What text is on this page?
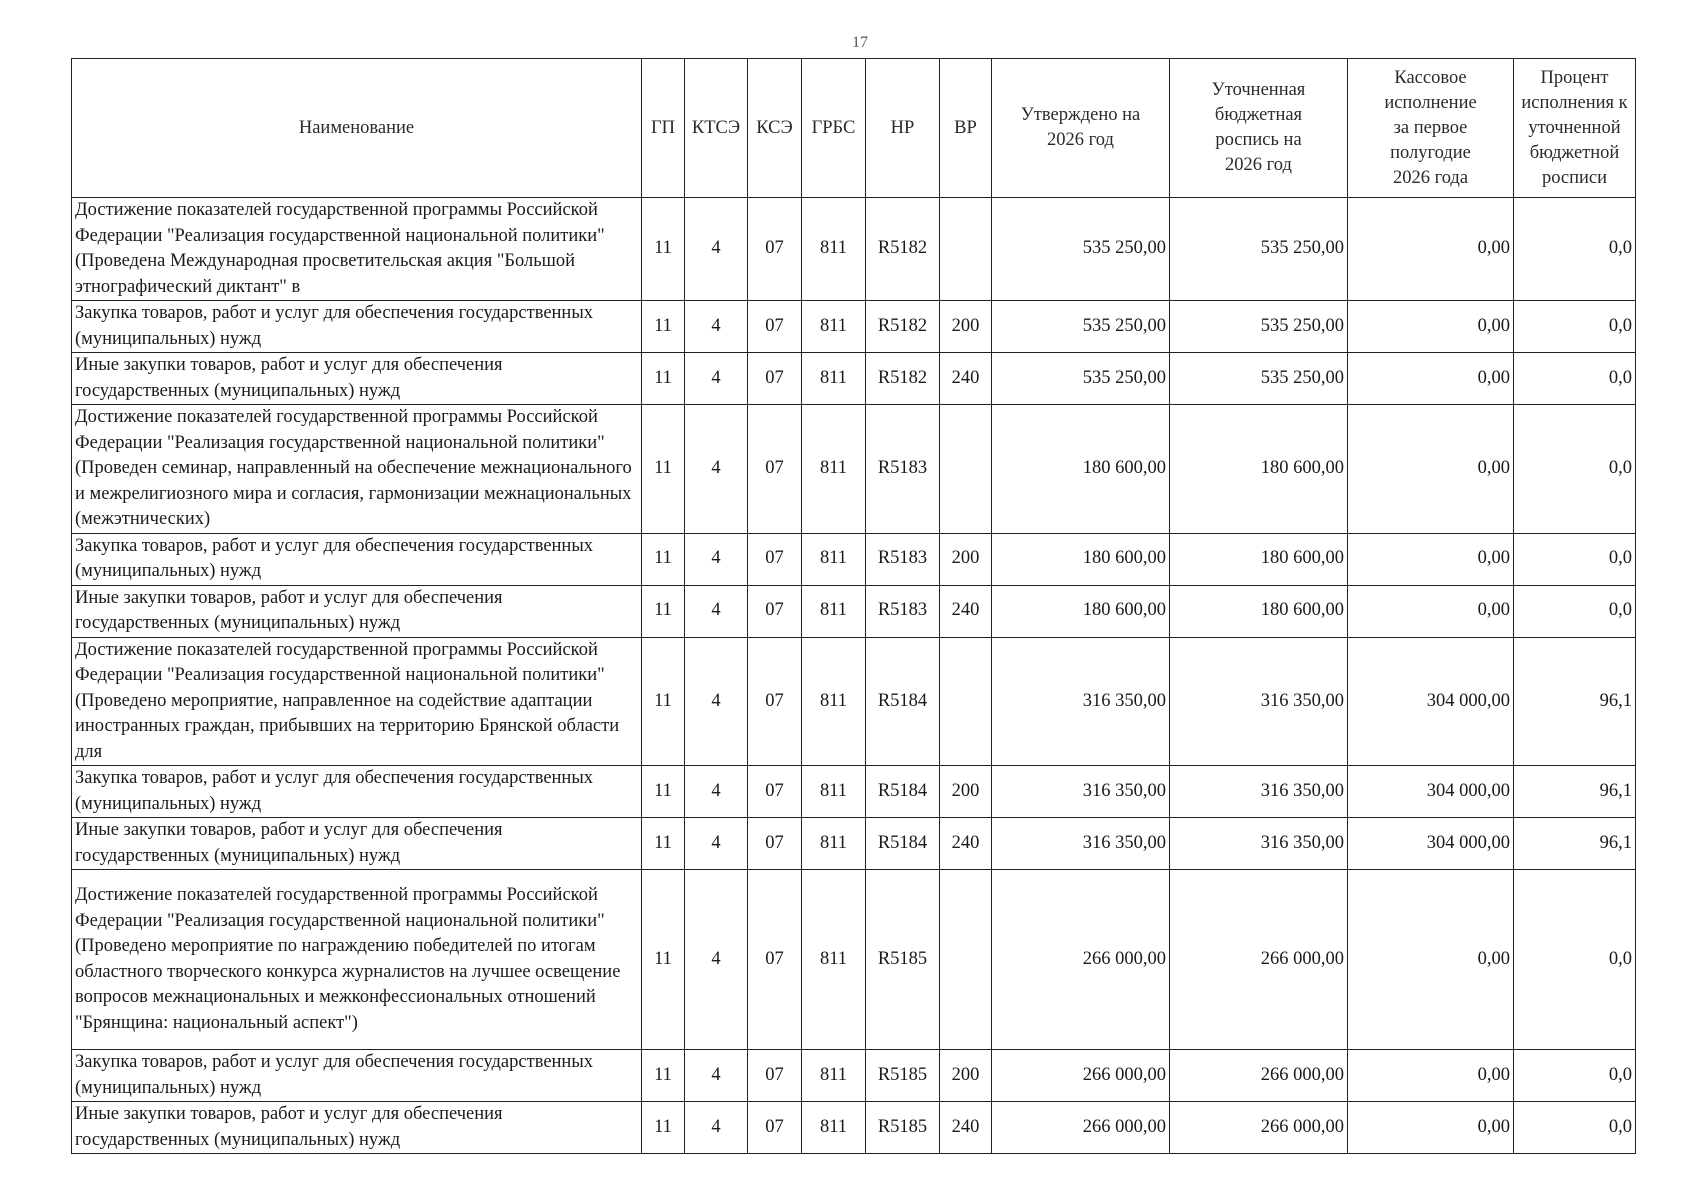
17
Наименование	ГП	КТСЭ	КСЭ	ГРБС	НР	ВР	Утверждено на 2026 год	Уточненная бюджетная роспись на 2026 год	Кассовое исполнение за первое полугодие 2026 года	Процент исполнения к уточненной бюджетной росписи

Достижение показателей государственной программы Российской Федерации "Реализация государственной национальной политики" (Проведена Международная просветительская акция "Большой этнографический диктант" в	11	4	07	811	R5182		535 250,00	535 250,00	0,00	0,0

Закупка товаров, работ и услуг для обеспечения государственных (муниципальных) нужд	11	4	07	811	R5182	200	535 250,00	535 250,00	0,00	0,0

Иные закупки товаров, работ и услуг для обеспечения государственных (муниципальных) нужд	11	4	07	811	R5182	240	535 250,00	535 250,00	0,00	0,0

Достижение показателей государственной программы Российской Федерации "Реализация государственной национальной политики" (Проведен семинар, направленный на обеспечение межнационального и межрелигиозного мира и согласия, гармонизации межнациональных (межэтнических)	11	4	07	811	R5183		180 600,00	180 600,00	0,00	0,0

Закупка товаров, работ и услуг для обеспечения государственных (муниципальных) нужд	11	4	07	811	R5183	200	180 600,00	180 600,00	0,00	0,0

Иные закупки товаров, работ и услуг для обеспечения государственных (муниципальных) нужд	11	4	07	811	R5183	240	180 600,00	180 600,00	0,00	0,0

Достижение показателей государственной программы Российской Федерации "Реализация государственной национальной политики" (Проведено мероприятие, направленное на содействие адаптации иностранных граждан, прибывших на территорию Брянской области для	11	4	07	811	R5184		316 350,00	316 350,00	304 000,00	96,1

Закупка товаров, работ и услуг для обеспечения государственных (муниципальных) нужд	11	4	07	811	R5184	200	316 350,00	316 350,00	304 000,00	96,1

Иные закупки товаров, работ и услуг для обеспечения государственных (муниципальных) нужд	11	4	07	811	R5184	240	316 350,00	316 350,00	304 000,00	96,1

Достижение показателей государственной программы Российской Федерации "Реализация государственной национальной политики" (Проведено мероприятие по награждению победителей по итогам областного творческого конкурса журналистов на лучшее освещение вопросов межнациональных и межконфессиональных отношений "Брянщина: национальный аспект")	11	4	07	811	R5185		266 000,00	266 000,00	0,00	0,0

Закупка товаров, работ и услуг для обеспечения государственных (муниципальных) нужд	11	4	07	811	R5185	200	266 000,00	266 000,00	0,00	0,0

Иные закупки товаров, работ и услуг для обеспечения государственных (муниципальных) нужд	11	4	07	811	R5185	240	266 000,00	266 000,00	0,00	0,0
